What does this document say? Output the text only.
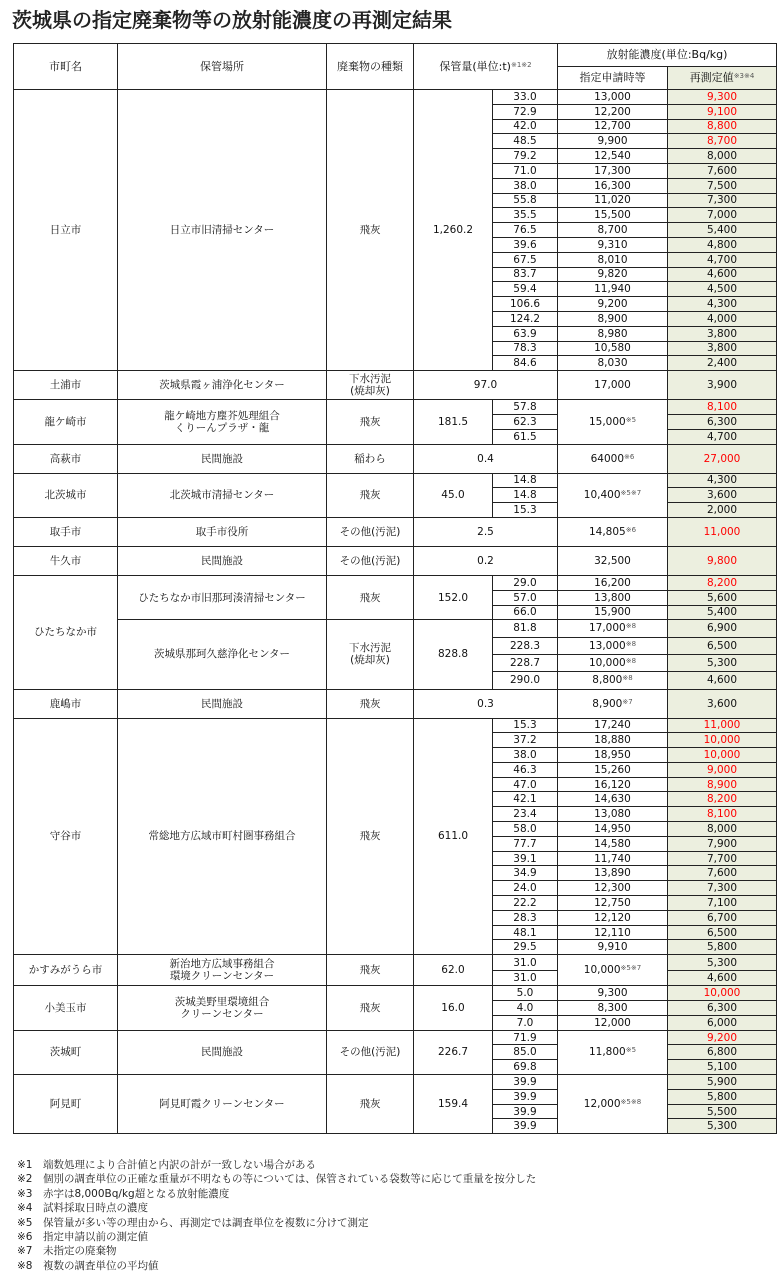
茨城県の指定廃棄物等の放射能濃度の再測定結果
市町名	保管場所	廃棄物の種類	保管量(単位:t)$^{※1※2}$		放射能濃度(単位:Bq/kg)	
					指定申請時等	再測定値$^{※3※4}$
日立市	日立市旧清掃センター	飛灰	1,260.2	33.0	13,000	9,300
				72.9	12,200	9,100
				42.0	12,700	8,800
				48.5	9,900	8,700
				79.2	12,540	8,000
				71.0	17,300	7,600
				38.0	16,300	7,500
				55.8	11,020	7,300
				35.5	15,500	7,000
				76.5	8,700	5,400
				39.6	9,310	4,800
				67.5	8,010	4,700
				83.7	9,820	4,600
				59.4	11,940	4,500
				106.6	9,200	4,300
				124.2	8,900	4,000
				63.9	8,980	3,800
				78.3	10,580	3,800
				84.6	8,030	2,400
土浦市	茨城県霞ヶ浦浄化センター	下水汚泥
(焼却灰)	97.0		17,000	3,900
龍ケ崎市	龍ケ崎地方塵芥処理組合
くりーんプラザ・龍	飛灰	181.5	57.8	15,000$^{※5}$	8,100
				62.3		6,300
				61.5		4,700
高萩市	民間施設	稲わら	0.4		64000$^{※6}$	27,000
北茨城市	北茨城市清掃センター	飛灰	45.0	14.8	$10,400^{※5※7}$	4,300
				14.8		3,600
				15.3		2,000
取手市	取手市役所	その他(汚泥)	2.5		14,805$^{※6}$	11,000
牛久市	民間施設	その他(汚泥)	0.2		32,500	9,800
ひたちなか市	ひたちなか市旧那珂湊清掃センター	飛灰	152.0	29.0	16,200	8,200
				57.0	13,800	5,600
				66.0	15,900	5,400
	茨城県那珂久慈浄化センター	下水汚泥
(焼却灰)	828.8	81.8	17,000$^{※8}$	6,900
				228.3	13,000$^{※8}$	6,500
				228.7	10,000$^{※8}$	5,300
				290.0	8,800$^{※8}$	4,600
鹿嶋市	民間施設	飛灰	0.3		8,900$^{※7}$	3,600
守谷市	常総地方広域市町村圏事務組合	飛灰	611.0	15.3	17,240	11,000
				37.2	18,880	10,000
				38.0	18,950	10,000
				46.3	15,260	9,000
				47.0	16,120	8,900
				42.1	14,630	8,200
				23.4	13,080	8,100
				58.0	14,950	8,000
				77.7	14,580	7,900
				39.1	11,740	7,700
				34.9	13,890	7,600
				24.0	12,300	7,300
				22.2	12,750	7,100
				28.3	12,120	6,700
				48.1	12,110	6,500
				29.5	9,910	5,800
かすみがうら市	新治地方広域事務組合
環境クリーンセンター	飛灰	62.0	31.0	$10,000^{※5※7}$	5,300
				31.0		4,600
小美玉市	茨城美野里環境組合
クリーンセンター	飛灰	16.0	5.0	9,300	10,000
				4.0	8,300	6,300
				7.0	12,000	6,000
茨城町	民間施設	その他(汚泥)	226.7	71.9	11,800$^{※5}$	9,200
				85.0		6,800
				69.8		5,100
阿見町	阿見町霞クリーンセンター	飛灰	159.4	39.9	$12,000^{※5※8}$	5,900
				39.9		5,800
				39.9		5,500
				39.9		5,300
※1　端数処理により合計値と内訳の計が一致しない場合がある
※2　個別の調査単位の正確な重量が不明なもの等については、保管されている袋数等に応じて重量を按分した
※3　赤字は8,000Bq/kg超となる放射能濃度
※4　試料採取日時点の濃度
※5　保管量が多い等の理由から、再測定では調査単位を複数に分けて測定
※6　指定申請以前の測定値
※7　未指定の廃棄物
※8　複数の調査単位の平均値
